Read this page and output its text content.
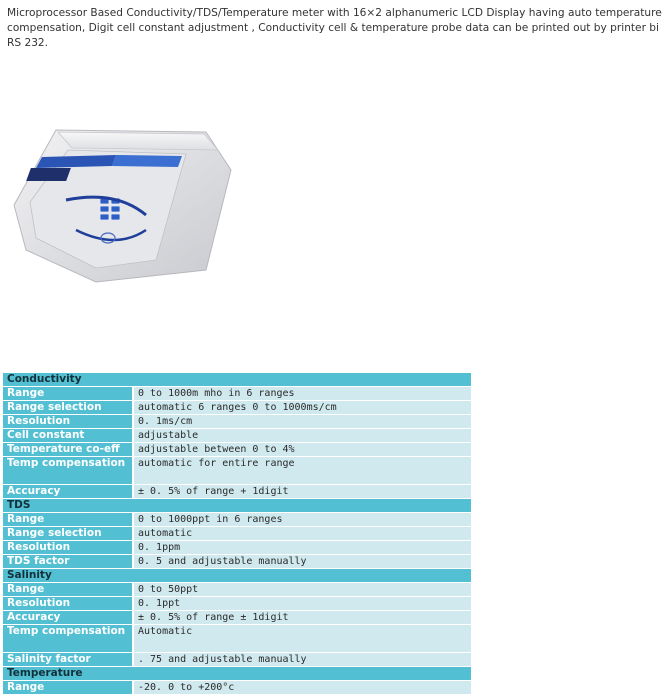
Microprocessor Based Conductivity/TDS/Temperature meter with 16×2 alphanumeric LCD Display having auto temperature compensation, Digit cell constant adjustment , Conductivity cell & temperature probe data can be printed out by printer bi RS 232.
Conductivity	
Range	0 to 1000m mho in 6 ranges
Range selection	automatic 6 ranges 0 to 1000ms/cm
Resolution	0. 1ms/cm
Cell constant	adjustable
Temperature co-eff	adjustable between 0 to 4%
Temp compensation	automatic for entire range
Accuracy	± 0. 5% of range + 1digit
TDS	
Range	0 to 1000ppt in 6 ranges
Range selection	automatic
Resolution	0. 1ppm
TDS factor	0. 5 and adjustable manually
Salinity	
Range	0 to 50ppt
Resolution	0. 1ppt
Accuracy	± 0. 5% of range ± 1digit
Temp compensation	Automatic
Salinity factor	. 75 and adjustable manually
Temperature	
Range	-20. 0 to +200°c
